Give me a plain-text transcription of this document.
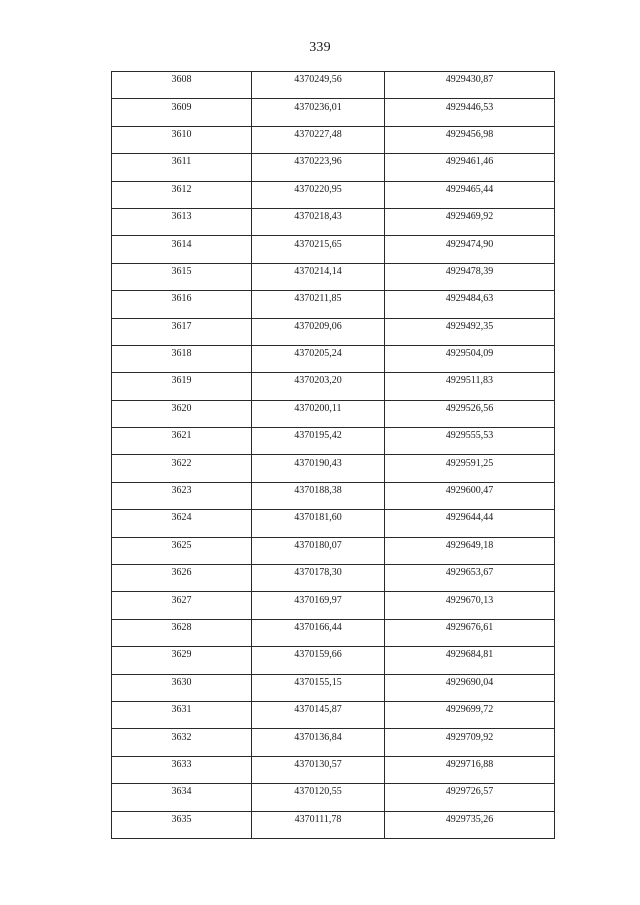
339
3608	4370249,56	4929430,87
3609	4370236,01	4929446,53
3610	4370227,48	4929456,98
3611	4370223,96	4929461,46
3612	4370220,95	4929465,44
3613	4370218,43	4929469,92
3614	4370215,65	4929474,90
3615	4370214,14	4929478,39
3616	4370211,85	4929484,63
3617	4370209,06	4929492,35
3618	4370205,24	4929504,09
3619	4370203,20	4929511,83
3620	4370200,11	4929526,56
3621	4370195,42	4929555,53
3622	4370190,43	4929591,25
3623	4370188,38	4929600,47
3624	4370181,60	4929644,44
3625	4370180,07	4929649,18
3626	4370178,30	4929653,67
3627	4370169,97	4929670,13
3628	4370166,44	4929676,61
3629	4370159,66	4929684,81
3630	4370155,15	4929690,04
3631	4370145,87	4929699,72
3632	4370136,84	4929709,92
3633	4370130,57	4929716,88
3634	4370120,55	4929726,57
3635	4370111,78	4929735,26
